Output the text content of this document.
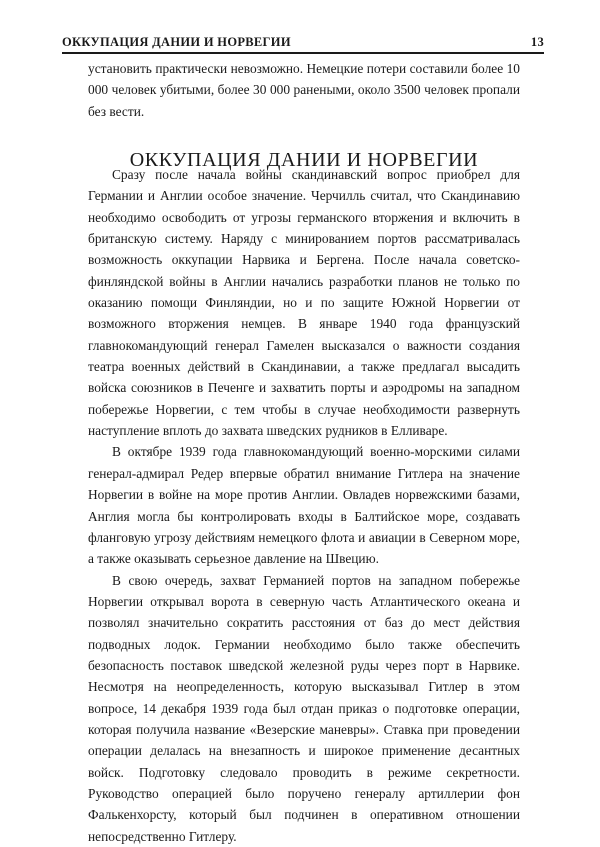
ОККУПАЦИЯ ДАНИИ И НОРВЕГИИ	13

установить практически невозможно. Немецкие потери составили более 10 000 человек убитыми, более 30 000 ранеными, около 3500 человек пропали без вести.

ОККУПАЦИЯ ДАНИИ И НОРВЕГИИ

Сразу после начала войны скандинавский вопрос приобрел для Германии и Англии особое значение. Черчилль считал, что Скандинавию необходимо освободить от угрозы германского вторжения и включить в британскую систему. Наряду с минированием портов рассматривалась возможность оккупации Нарвика и Бергена. После начала советско-финляндской войны в Англии начались разработки планов не только по оказанию помощи Финляндии, но и по защите Южной Норвегии от возможного вторжения немцев. В январе 1940 года французский главнокомандующий генерал Гамелен высказался о важности создания театра военных действий в Скандинавии, а также предлагал высадить войска союзников в Печенге и захватить порты и аэродромы на западном побережье Норвегии, с тем чтобы в случае необходимости развернуть наступление вплоть до захвата шведских рудников в Елливаре.

В октябре 1939 года главнокомандующий военно-морскими силами генерал-адмирал Редер впервые обратил внимание Гитлера на значение Норвегии в войне на море против Англии. Овладев норвежскими базами, Англия могла бы контролировать входы в Балтийское море, создавать фланговую угрозу действиям немецкого флота и авиации в Северном море, а также оказывать серьезное давление на Швецию.

В свою очередь, захват Германией портов на западном побережье Норвегии открывал ворота в северную часть Атлантического океана и позволял значительно сократить расстояния от баз до мест действия подводных лодок. Германии необходимо было также обеспечить безопасность поставок шведской железной руды через порт в Нарвике. Несмотря на неопределенность, которую высказывал Гитлер в этом вопросе, 14 декабря 1939 года был отдан приказ о подготовке операции, которая получила название «Везерские маневры». Ставка при проведении операции делалась на внезапность и широкое применение десантных войск. Подготовку следовало проводить в режиме секретности. Руководство операцией было поручено генералу артиллерии фон Фалькенхорсту, который был подчинен в оперативном отношении непосредственно Гитлеру.
